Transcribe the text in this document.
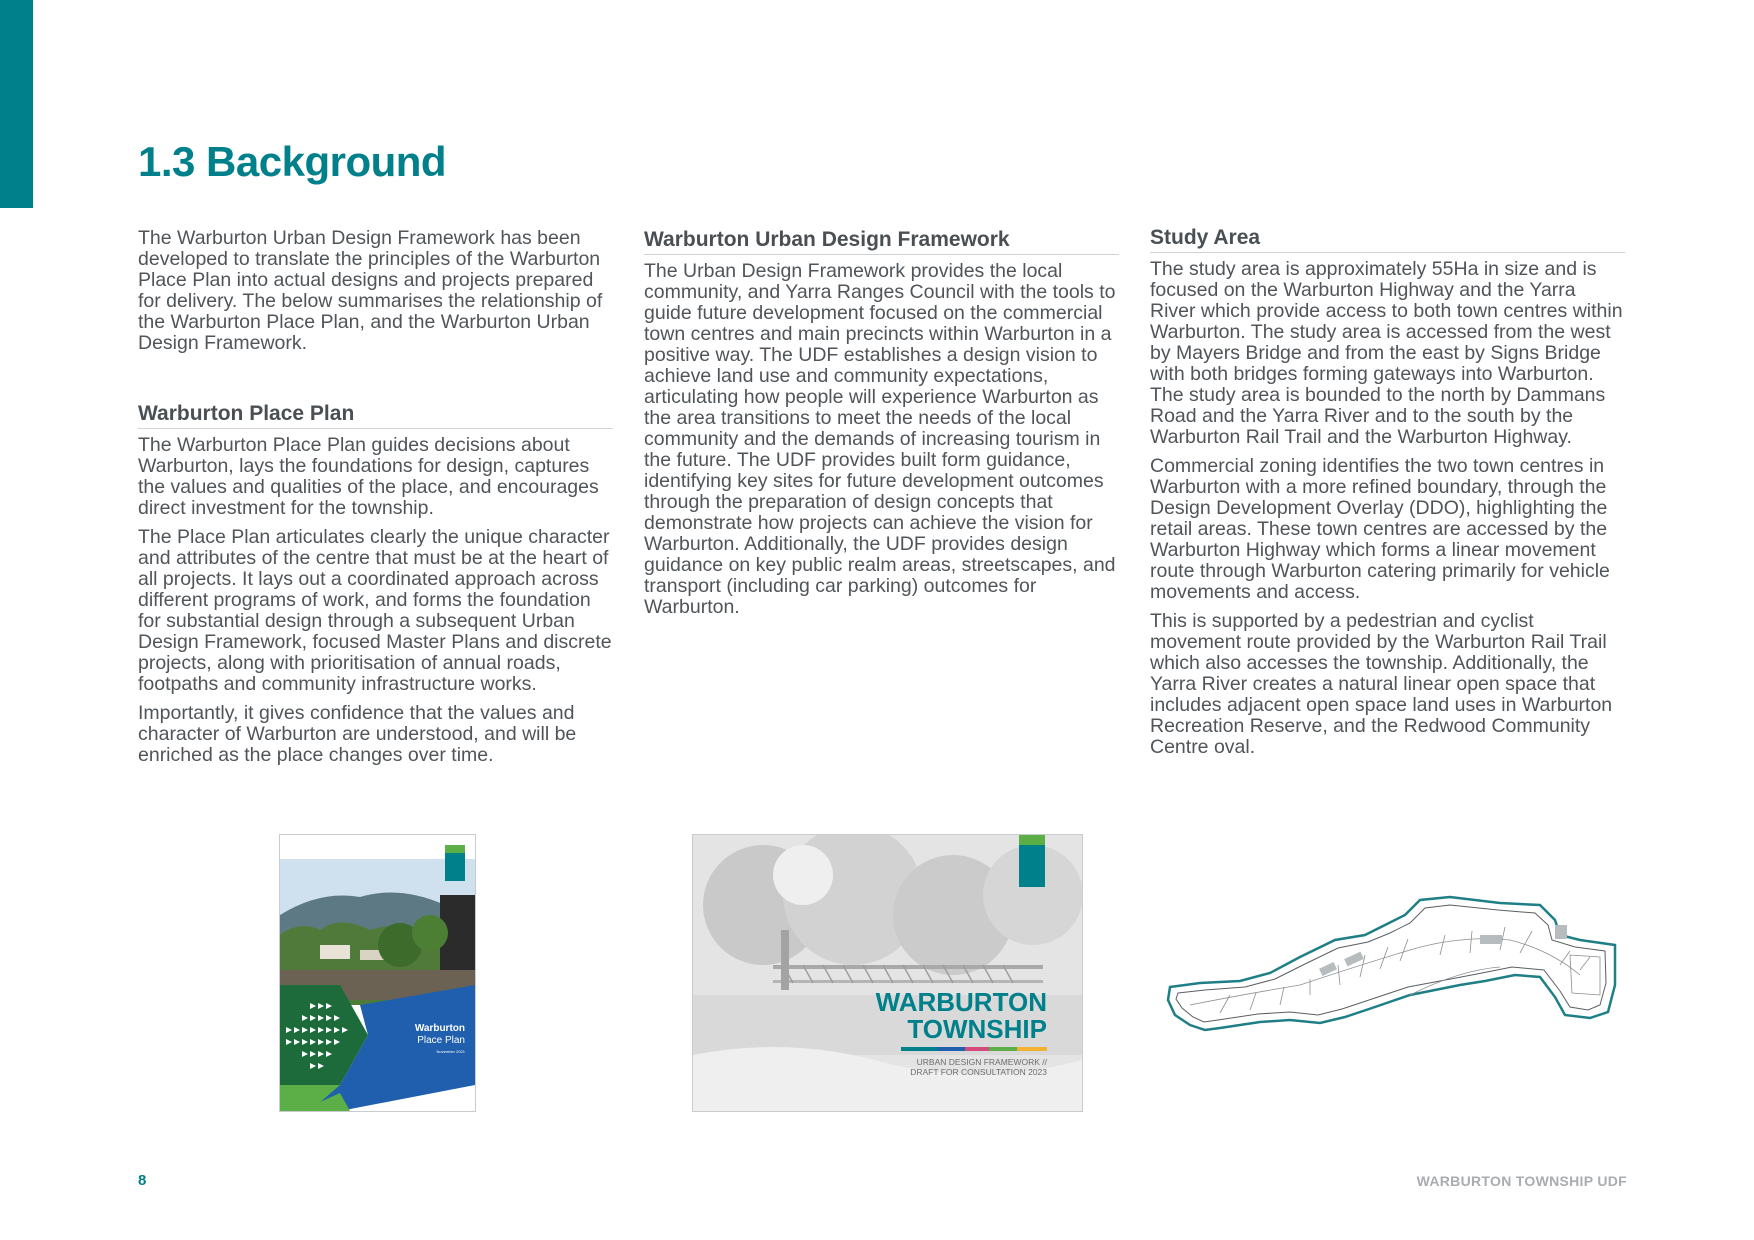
1.3 Background

The Warburton Urban Design Framework has been developed to translate the principles of the Warburton Place Plan into actual designs and projects prepared for delivery. The below summarises the relationship of the Warburton Place Plan, and the Warburton Urban Design Framework.

Warburton Place Plan

The Warburton Place Plan guides decisions about Warburton, lays the foundations for design, captures the values and qualities of the place, and encourages direct investment for the township.

The Place Plan articulates clearly the unique character and attributes of the centre that must be at the heart of all projects. It lays out a coordinated approach across different programs of work, and forms the foundation for substantial design through a subsequent Urban Design Framework, focused Master Plans and discrete projects, along with prioritisation of annual roads, footpaths and community infrastructure works.

Importantly, it gives confidence that the values and character of Warburton are understood, and will be enriched as the place changes over time.

Warburton Urban Design Framework

The Urban Design Framework provides the local community, and Yarra Ranges Council with the tools to guide future development focused on the commercial town centres and main precincts within Warburton in a positive way. The UDF establishes a design vision to achieve land use and community expectations, articulating how people will experience Warburton as the area transitions to meet the needs of the local community and the demands of increasing tourism in the future. The UDF provides built form guidance, identifying key sites for future development outcomes through the preparation of design concepts that demonstrate how projects can achieve the vision for Warburton. Additionally, the UDF provides design guidance on key public realm areas, streetscapes, and transport (including car parking) outcomes for Warburton.

Study Area

The study area is approximately 55Ha in size and is focused on the Warburton Highway and the Yarra River which provide access to both town centres within Warburton. The study area is accessed from the west by Mayers Bridge and from the east by Signs Bridge with both bridges forming gateways into Warburton. The study area is bounded to the north by Dammans Road and the Yarra River and to the south by the Warburton Rail Trail and the Warburton Highway.

Commercial zoning identifies the two town centres in Warburton with a more refined boundary, through the Design Development Overlay (DDO), highlighting the retail areas. These town centres are accessed by the Warburton Highway which forms a linear movement route through Warburton catering primarily for vehicle movements and access.

This is supported by a pedestrian and cyclist movement route provided by the Warburton Rail Trail which also accesses the township. Additionally, the Yarra River creates a natural linear open space that includes adjacent open space land uses in Warburton Recreation Reserve, and the Redwood Community Centre oval.

Warburton
Place Plan
November 2021
WARBURTON
TOWNSHIP
URBAN DESIGN FRAMEWORK //
DRAFT FOR CONSULTATION 2023
8	WARBURTON TOWNSHIP UDF
